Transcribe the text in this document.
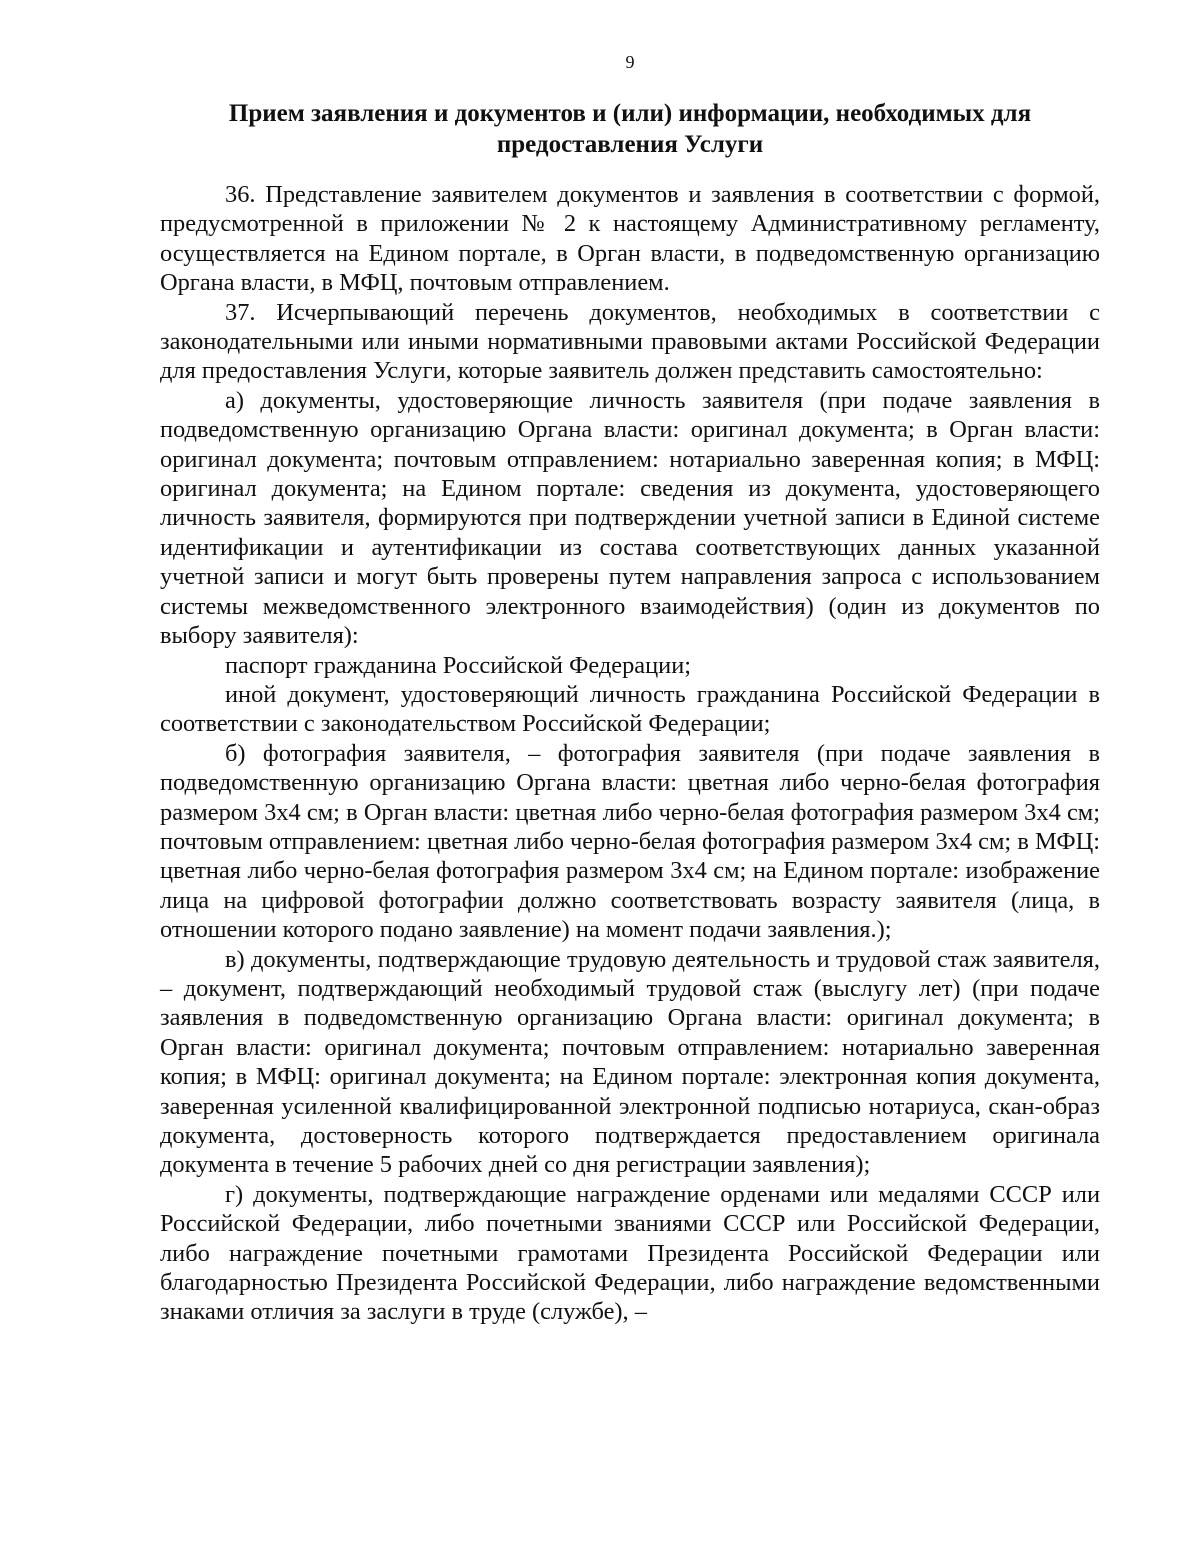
9
Прием заявления и документов и (или) информации, необходимых для предоставления Услуги

36. Представление заявителем документов и заявления в соответствии с формой, предусмотренной в приложении № 2 к настоящему Административному регламенту, осуществляется на Едином портале, в Орган власти, в подведомственную организацию Органа власти, в МФЦ, почтовым отправлением.

37. Исчерпывающий перечень документов, необходимых в соответствии с законодательными или иными нормативными правовыми актами Российской Федерации для предоставления Услуги, которые заявитель должен представить самостоятельно:

а) документы, удостоверяющие личность заявителя (при подаче заявления в подведомственную организацию Органа власти: оригинал документа; в Орган власти: оригинал документа; почтовым отправлением: нотариально заверенная копия; в МФЦ: оригинал документа; на Едином портале: сведения из документа, удостоверяющего личность заявителя, формируются при подтверждении учетной записи в Единой системе идентификации и аутентификации из состава соответствующих данных указанной учетной записи и могут быть проверены путем направления запроса с использованием системы межведомственного электронного взаимодействия) (один из документов по выбору заявителя):

паспорт гражданина Российской Федерации;

иной документ, удостоверяющий личность гражданина Российской Федерации в соответствии с законодательством Российской Федерации;

б) фотография заявителя, – фотография заявителя (при подаче заявления в подведомственную организацию Органа власти: цветная либо черно-белая фотография размером 3x4 см; в Орган власти: цветная либо черно-белая фотография размером 3x4 см; почтовым отправлением: цветная либо черно-белая фотография размером 3x4 см; в МФЦ: цветная либо черно-белая фотография размером 3x4 см; на Едином портале: изображение лица на цифровой фотографии должно соответствовать возрасту заявителя (лица, в отношении которого подано заявление) на момент подачи заявления.);

в) документы, подтверждающие трудовую деятельность и трудовой стаж заявителя, – документ, подтверждающий необходимый трудовой стаж (выслугу лет) (при подаче заявления в подведомственную организацию Органа власти: оригинал документа; в Орган власти: оригинал документа; почтовым отправлением: нотариально заверенная копия; в МФЦ: оригинал документа; на Едином портале: электронная копия документа, заверенная усиленной квалифицированной электронной подписью нотариуса, скан-образ документа, достоверность которого подтверждается предоставлением оригинала документа в течение 5 рабочих дней со дня регистрации заявления);

г) документы, подтверждающие награждение орденами или медалями СССР или Российской Федерации, либо почетными званиями СССР или Российской Федерации, либо награждение почетными грамотами Президента Российской Федерации или благодарностью Президента Российской Федерации, либо награждение ведомственными знаками отличия за заслуги в труде (службе), –
